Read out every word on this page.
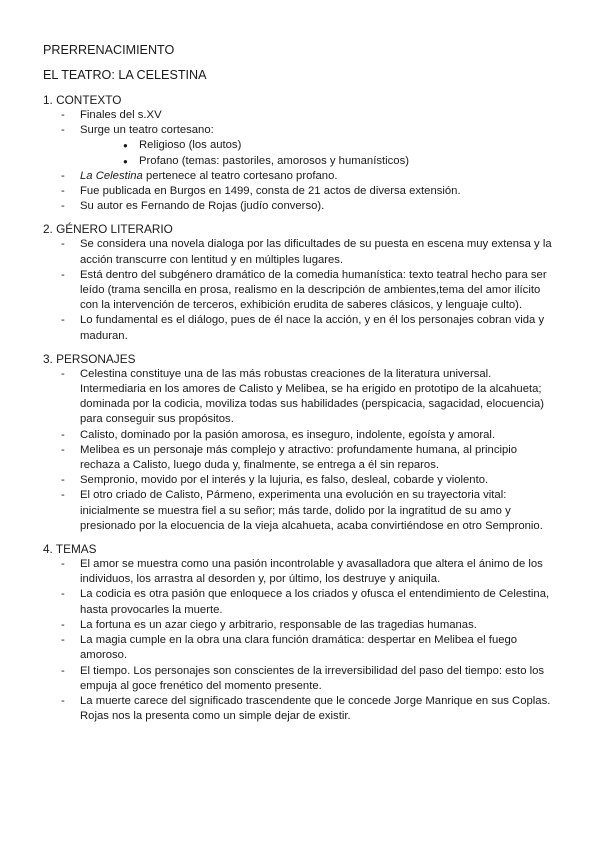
PRERRENACIMIENTO

EL TEATRO: LA CELESTINA

1. CONTEXTO

- Finales del s.XV
- Surge un teatro cortesano:
● Religioso (los autos)
● Profano (temas: pastoriles, amorosos y humanísticos)
- La Celestina pertenece al teatro cortesano profano.
- Fue publicada en Burgos en 1499, consta de 21 actos de diversa extensión.
- Su autor es Fernando de Rojas (judío converso).

2. GÉNERO LITERARIO

- Se considera una novela dialoga por las dificultades de su puesta en escena muy extensa y la acción transcurre con lentitud y en múltiples lugares.
- Está dentro del subgénero dramático de la comedia humanística: texto teatral hecho para ser leído (trama sencilla en prosa, realismo en la descripción de ambientes,tema del amor ilícito con la intervención de terceros, exhibición erudita de saberes clásicos, y lenguaje culto).
- Lo fundamental es el diálogo, pues de él nace la acción, y en él los personajes cobran vida y maduran.

3. PERSONAJES

- Celestina constituye una de las más robustas creaciones de la literatura universal. Intermediaria en los amores de Calisto y Melibea, se ha erigido en prototipo de la alcahueta; dominada por la codicia, moviliza todas sus habilidades (perspicacia, sagacidad, elocuencia) para conseguir sus propósitos.
- Calisto, dominado por la pasión amorosa, es inseguro, indolente, egoísta y amoral.
- Melibea es un personaje más complejo y atractivo: profundamente humana, al principio rechaza a Calisto, luego duda y, finalmente, se entrega a él sin reparos.
- Sempronio, movido por el interés y la lujuria, es falso, desleal, cobarde y violento.
- El otro criado de Calisto, Pármeno, experimenta una evolución en su trayectoria vital: inicialmente se muestra fiel a su señor; más tarde, dolido por la ingratitud de su amo y presionado por la elocuencia de la vieja alcahueta, acaba convirtiéndose en otro Sempronio.

4. TEMAS

- El amor se muestra como una pasión incontrolable y avasalladora que altera el ánimo de los individuos, los arrastra al desorden y, por último, los destruye y aniquila.
- La codicia es otra pasión que enloquece a los criados y ofusca el entendimiento de Celestina, hasta provocarles la muerte.
- La fortuna es un azar ciego y arbitrario, responsable de las tragedias humanas.
- La magia cumple en la obra una clara función dramática: despertar en Melibea el fuego amoroso.
- El tiempo. Los personajes son conscientes de la irreversibilidad del paso del tiempo: esto los empuja al goce frenético del momento presente.
- La muerte carece del significado trascendente que le concede Jorge Manrique en sus Coplas. Rojas nos la presenta como un simple dejar de existir.
